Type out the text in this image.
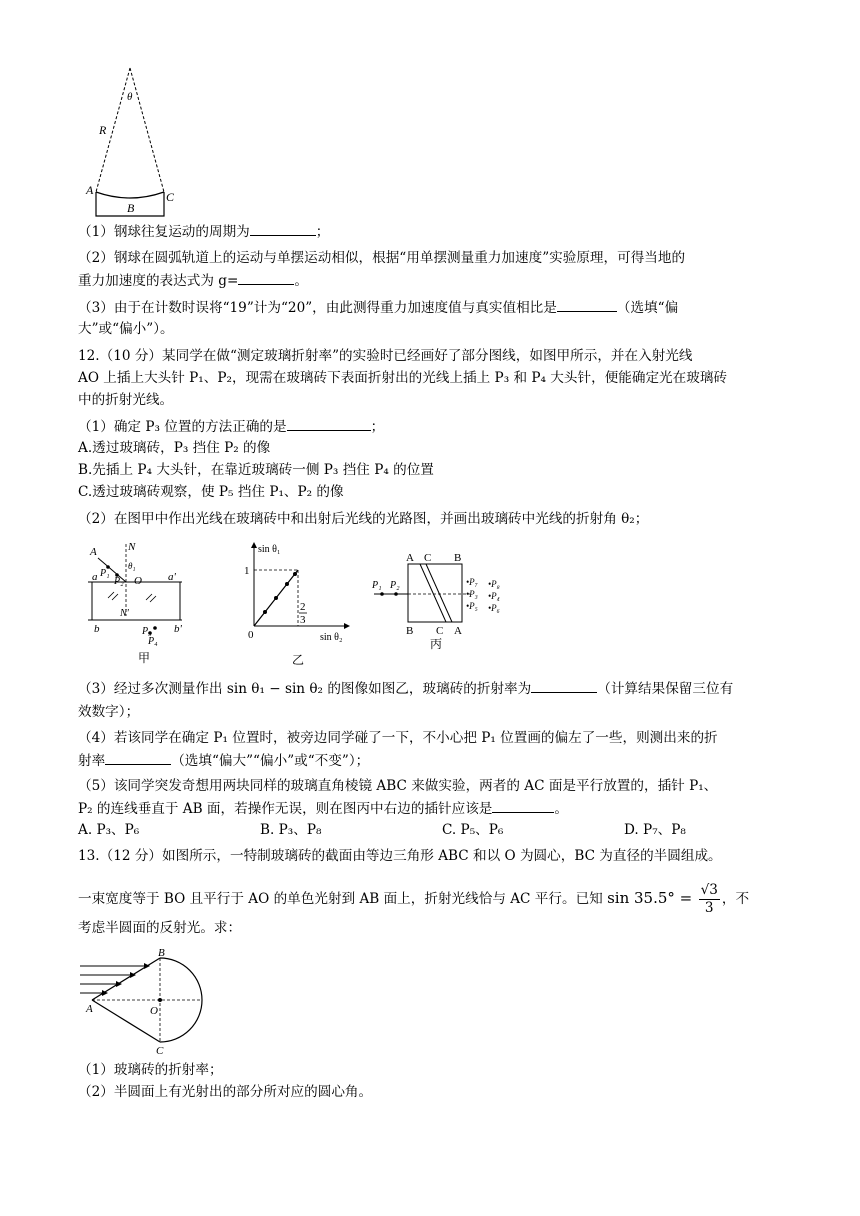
θ
R
A
B
C
（1）钢球往复运动的周期为	；
（2）钢球在圆弧轨道上的运动与单摆运动相似，根据“用单摆测量重力加速度”实验原理，可得当地的
重力加速度的表达式为 g=	。
（3）由于在计数时误将“19”计为“20”，由此测得重力加速度值与真实值相比是	（选填“偏
大”或“偏小”）。
12.（10 分）某同学在做“测定玻璃折射率”的实验时已经画好了部分图线，如图甲所示，并在入射光线
AO 上插上大头针 P₁、P₂，现需在玻璃砖下表面折射出的光线上插上 P₃ 和 P₄ 大头针，便能确定光在玻璃砖
中的折射光线。
（1）确定 P₃ 位置的方法正确的是	；
A.透过玻璃砖，P₃ 挡住 P₂ 的像
B.先插上 P₄ 大头针，在靠近玻璃砖一侧 P₃ 挡住 P₄ 的位置
C.透过玻璃砖观察，使 P₅ 挡住 P₁、P₂ 的像
（2）在图甲中作出光线在玻璃砖中和出射后光线的光路图，并画出玻璃砖中光线的折射角 θ₂；
A	N
P₁
P₂
θ₁
O
a	a'
N'
b	b'
P₃
P₄
甲
sin θ₁
1
0
2
3
sin θ₂
乙
A C B
B C A
P₁ P₂	•P₇ •P₈
•P₃ •P₄
•P₅ •P₆
丙
（3）经过多次测量作出 sin θ₁ − sin θ₂ 的图像如图乙，玻璃砖的折射率为	（计算结果保留三位有
效数字）；
（4）若该同学在确定 P₁ 位置时，被旁边同学碰了一下，不小心把 P₁ 位置画的偏左了一些，则测出来的折
射率	（选填“偏大”“偏小”或“不变”）；
（5）该同学突发奇想用两块同样的玻璃直角棱镜 ABC 来做实验，两者的 AC 面是平行放置的，插针 P₁、
P₂ 的连线垂直于 AB 面，若操作无误，则在图丙中右边的插针应该是	。
A. P₃、P₆	B. P₃、P₈	C. P₅、P₆	D. P₇、P₈
13.（12 分）如图所示，一特制玻璃砖的截面由等边三角形 ABC 和以 O 为圆心，BC 为直径的半圆组成。
一束宽度等于 BO 且平行于 AO 的单色光射到 AB 面上，折射光线恰与 AC 平行。已知 $\sin 35.5^\circ = \frac{√3}{3}$ ，不
考虑半圆面的反射光。求：
B
A	O
C
（1）玻璃砖的折射率；
（2）半圆面上有光射出的部分所对应的圆心角。
